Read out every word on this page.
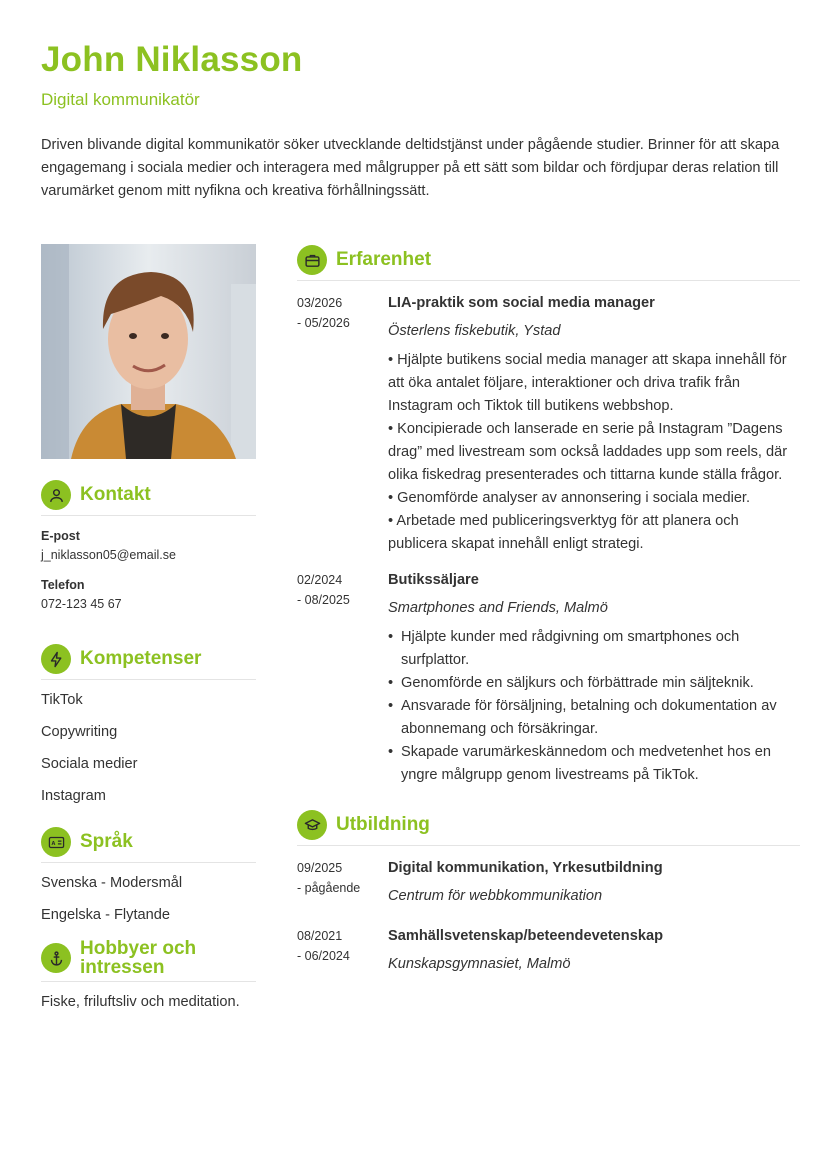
John Niklasson
Digital kommunikatör
Driven blivande digital kommunikatör söker utvecklande deltidstjänst under pågående studier. Brinner för att skapa engagemang i sociala medier och interagera med målgrupper på ett sätt som bildar och fördjupar deras relation till varumärket genom mitt nyfikna och kreativa förhållningssätt.
Kontakt
E-post
j_niklasson05@email.se
Telefon
072-123 45 67
Kompetenser
TikTok
Copywriting
Sociala medier
Instagram
A Språk
Svenska - Modersmål
Engelska - Flytande
Hobbyer och
intressen
Fiske, friluftsliv och meditation.
Erfarenhet
03/2026
- 05/2026
LIA-praktik som social media manager
Österlens fiskebutik, Ystad
• Hjälpte butikens social media manager att skapa innehåll för att öka antalet följare, interaktioner och driva trafik från Instagram och Tiktok till butikens webbshop.
• Koncipierade och lanserade en serie på Instagram ”Dagens drag” med livestream som också laddades upp som reels, där olika fiskedrag presenterades och tittarna kunde ställa frågor.
• Genomförde analyser av annonsering i sociala medier.
• Arbetade med publiceringsverktyg för att planera och publicera skapat innehåll enligt strategi.
02/2024
- 08/2025
Butikssäljare
Smartphones and Friends, Malmö
• Hjälpte kunder med rådgivning om smartphones och surfplattor.
• Genomförde en säljkurs och förbättrade min säljteknik.
• Ansvarade för försäljning, betalning och dokumentation av abonnemang och försäkringar.
• Skapade varumärkeskännedom och medvetenhet hos en yngre målgrupp genom livestreams på TikTok.
Utbildning
09/2025
- pågående
Digital kommunikation, Yrkesutbildning
Centrum för webbkommunikation
08/2021
- 06/2024
Samhällsvetenskap/beteendevetenskap
Kunskapsgymnasiet, Malmö
